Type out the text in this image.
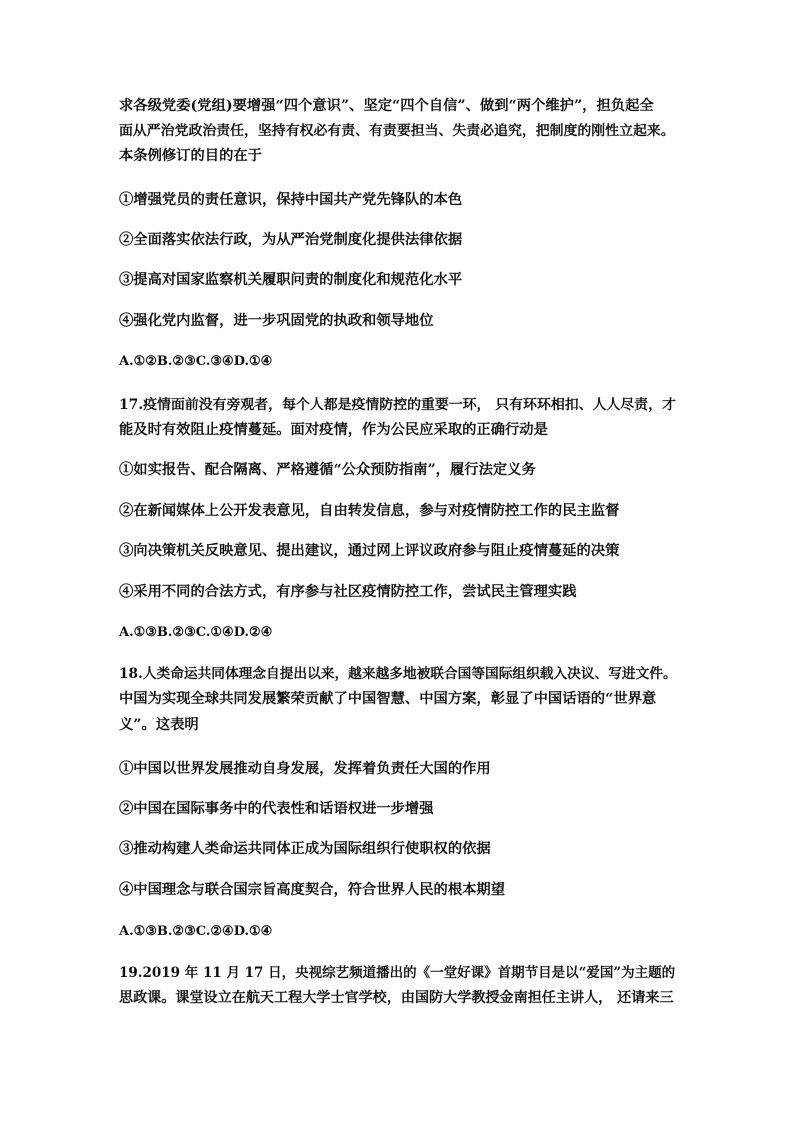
求各级党委(党组)要增强“四个意识”、坚定“四个自信”、做到“两个维护”，担负起全
面从严治党政治责任，坚持有权必有责、有责要担当、失责必追究，把制度的刚性立起来。
本条例修订的目的在于
①增强党员的责任意识，保持中国共产党先锋队的本色
②全面落实依法行政，为从严治党制度化提供法律依据
③提高对国家监察机关履职问责的制度化和规范化水平
④强化党内监督，进一步巩固党的执政和领导地位
A.①②B.②③C.③④D.①④
17.疫情面前没有旁观者，每个人都是疫情防控的重要一环， 只有环环相扣、人人尽责，才
能及时有效阻止疫情蔓延。面对疫情，作为公民应采取的正确行动是
①如实报告、配合隔离、严格遵循“公众预防指南”，履行法定义务
②在新闻媒体上公开发表意见，自由转发信息，参与对疫情防控工作的民主监督
③向决策机关反映意见、提出建议，通过网上评议政府参与阻止疫情蔓延的决策
④采用不同的合法方式，有序参与社区疫情防控工作，尝试民主管理实践
A.①③B.②③C.①④D.②④
18.人类命运共同体理念自提出以来，越来越多地被联合国等国际组织载入决议、写进文件。
中国为实现全球共同发展繁荣贡献了中国智慧、中国方案，彰显了中国话语的“世界意
义”。这表明
①中国以世界发展推动自身发展，发挥着负责任大国的作用
②中国在国际事务中的代表性和话语权进一步增强
③推动构建人类命运共同体正成为国际组织行使职权的依据
④中国理念与联合国宗旨高度契合，符合世界人民的根本期望
A.①③B.②③C.②④D.①④
19.2019 年 11 月 17 日，央视综艺频道播出的《一堂好课》首期节目是以“爱国”为主题的
思政课。课堂设立在航天工程大学士官学校，由国防大学教授金南担任主讲人， 还请来三
